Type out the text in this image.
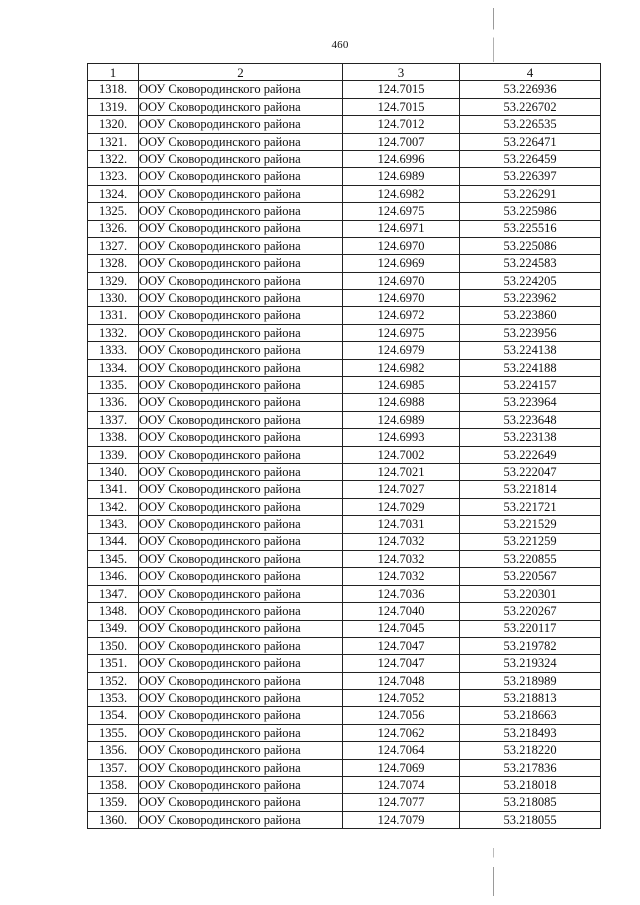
460
1	2	3	4
1318.	ООУ Сковородинского района	124.7015	53.226936
1319.	ООУ Сковородинского района	124.7015	53.226702
1320.	ООУ Сковородинского района	124.7012	53.226535
1321.	ООУ Сковородинского района	124.7007	53.226471
1322.	ООУ Сковородинского района	124.6996	53.226459
1323.	ООУ Сковородинского района	124.6989	53.226397
1324.	ООУ Сковородинского района	124.6982	53.226291
1325.	ООУ Сковородинского района	124.6975	53.225986
1326.	ООУ Сковородинского района	124.6971	53.225516
1327.	ООУ Сковородинского района	124.6970	53.225086
1328.	ООУ Сковородинского района	124.6969	53.224583
1329.	ООУ Сковородинского района	124.6970	53.224205
1330.	ООУ Сковородинского района	124.6970	53.223962
1331.	ООУ Сковородинского района	124.6972	53.223860
1332.	ООУ Сковородинского района	124.6975	53.223956
1333.	ООУ Сковородинского района	124.6979	53.224138
1334.	ООУ Сковородинского района	124.6982	53.224188
1335.	ООУ Сковородинского района	124.6985	53.224157
1336.	ООУ Сковородинского района	124.6988	53.223964
1337.	ООУ Сковородинского района	124.6989	53.223648
1338.	ООУ Сковородинского района	124.6993	53.223138
1339.	ООУ Сковородинского района	124.7002	53.222649
1340.	ООУ Сковородинского района	124.7021	53.222047
1341.	ООУ Сковородинского района	124.7027	53.221814
1342.	ООУ Сковородинского района	124.7029	53.221721
1343.	ООУ Сковородинского района	124.7031	53.221529
1344.	ООУ Сковородинского района	124.7032	53.221259
1345.	ООУ Сковородинского района	124.7032	53.220855
1346.	ООУ Сковородинского района	124.7032	53.220567
1347.	ООУ Сковородинского района	124.7036	53.220301
1348.	ООУ Сковородинского района	124.7040	53.220267
1349.	ООУ Сковородинского района	124.7045	53.220117
1350.	ООУ Сковородинского района	124.7047	53.219782
1351.	ООУ Сковородинского района	124.7047	53.219324
1352.	ООУ Сковородинского района	124.7048	53.218989
1353.	ООУ Сковородинского района	124.7052	53.218813
1354.	ООУ Сковородинского района	124.7056	53.218663
1355.	ООУ Сковородинского района	124.7062	53.218493
1356.	ООУ Сковородинского района	124.7064	53.218220
1357.	ООУ Сковородинского района	124.7069	53.217836
1358.	ООУ Сковородинского района	124.7074	53.218018
1359.	ООУ Сковородинского района	124.7077	53.218085
1360.	ООУ Сковородинского района	124.7079	53.218055
